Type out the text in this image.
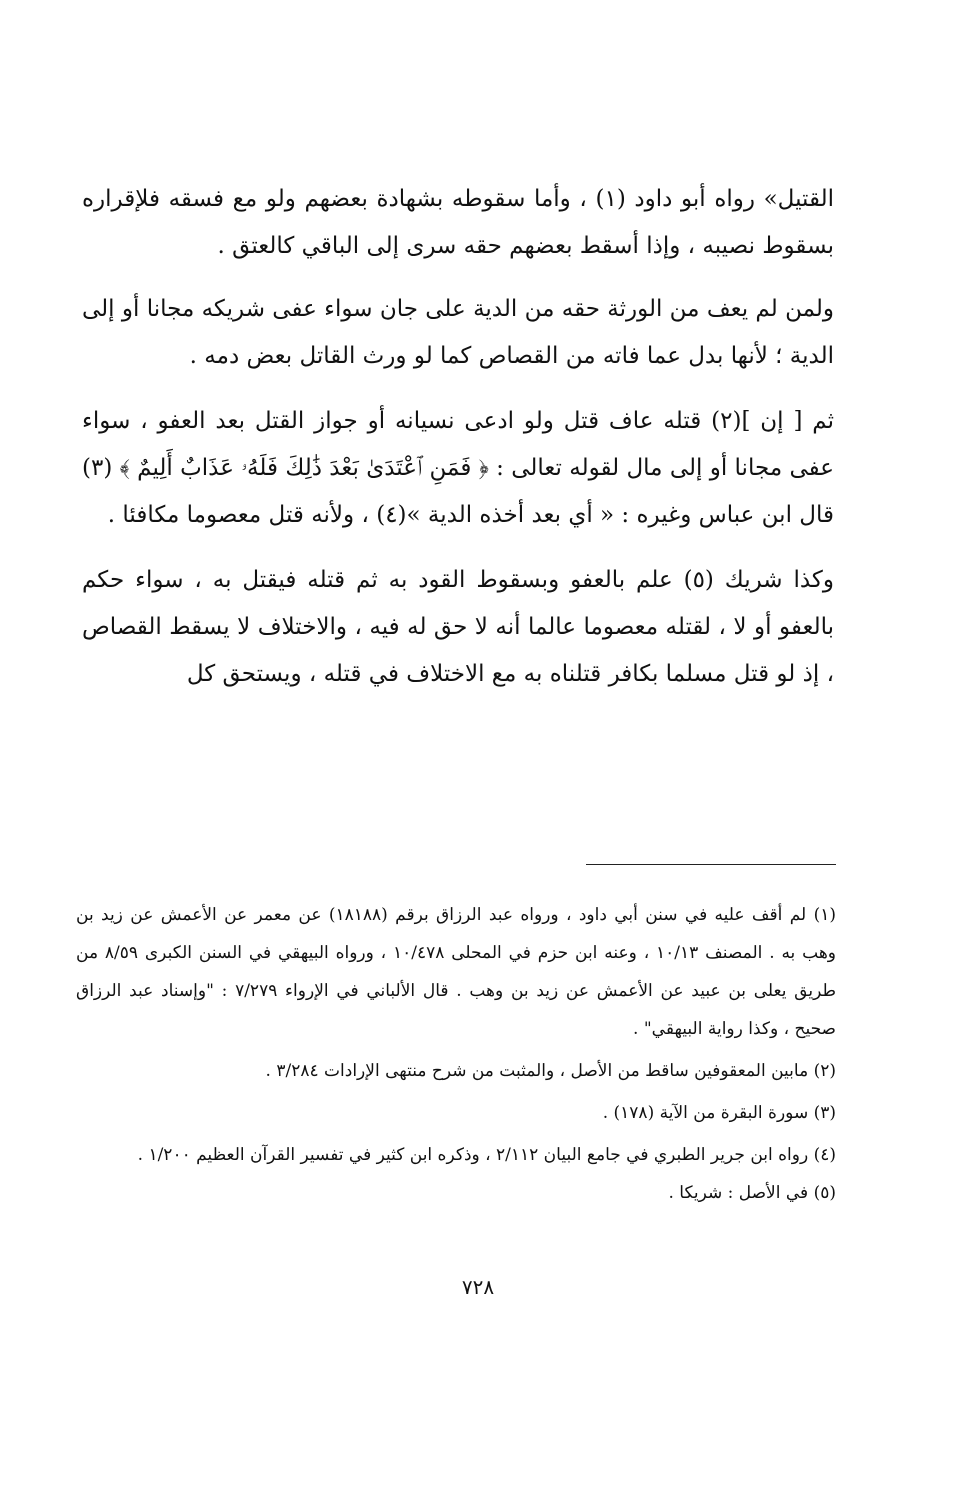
القتيل» رواه أبو داود (١) ، وأما سقوطه بشهادة بعضهم ولو مع فسقه فلإقراره بسقوط نصيبه ، وإذا أسقط بعضهم حقه سرى إلى الباقي كالعتق .

ولمن لم يعف من الورثة حقه من الدية على جان سواء عفى شريكه مجانا أو إلى الدية ؛ لأنها بدل عما فاته من القصاص كما لو ورث القاتل بعض دمه .

ثم [ إن ](٢) قتله عاف قتل ولو ادعى نسيانه أو جواز القتل بعد العفو ، سواء عفى مجانا أو إلى مال لقوله تعالى : ﴿ فَمَنِ ٱعْتَدَىٰ بَعْدَ ذَٰلِكَ فَلَهُۥ عَذَابٌ أَلِيمٌ ﴾ (٣) قال ابن عباس وغيره : « أي بعد أخذه الدية »(٤) ، ولأنه قتل معصوما مكافئا .

وكذا شريك (٥) علم بالعفو وبسقوط القود به ثم قتله فيقتل به ، سواء حكم بالعفو أو لا ، لقتله معصوما عالما أنه لا حق له فيه ، والاختلاف لا يسقط القصاص ، إذ لو قتل مسلما بكافر قتلناه به مع الاختلاف في قتله ، ويستحق كل

(١) لم أقف عليه في سنن أبي داود ، ورواه عبد الرزاق برقم (١٨١٨٨) عن معمر عن الأعمش عن زيد بن وهب به . المصنف ١٠/١٣ ، وعنه ابن حزم في المحلى ١٠/٤٧٨ ، ورواه البيهقي في السنن الكبرى ٨/٥٩ من طريق يعلى بن عبيد عن الأعمش عن زيد بن وهب . قال الألباني في الإرواء ٧/٢٧٩ : "وإسناد عبد الرزاق صحيح ، وكذا رواية البيهقي" .

(٢) مابين المعقوفين ساقط من الأصل ، والمثبت من شرح منتهى الإرادات ٣/٢٨٤ .

(٣) سورة البقرة من الآية (١٧٨) .

(٤) رواه ابن جرير الطبري في جامع البيان ٢/١١٢ ، وذكره ابن كثير في تفسير القرآن العظيم ١/٢٠٠ .

(٥) في الأصل : شريكا .

٧٢٨
